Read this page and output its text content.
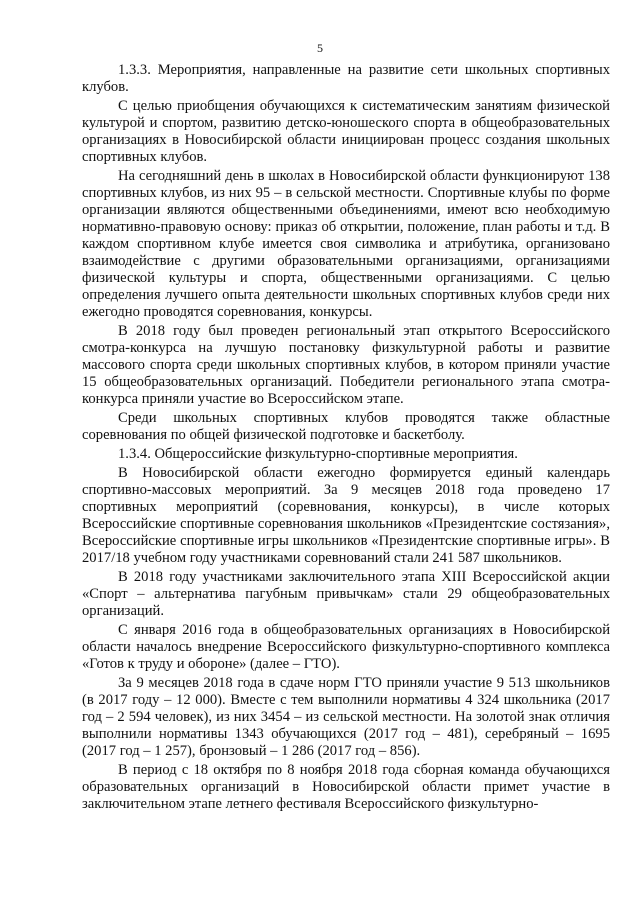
5

1.3.3. Мероприятия, направленные на развитие сети школьных спортивных клубов.

С целью приобщения обучающихся к систематическим занятиям физической культурой и спортом, развитию детско-юношеского спорта в общеобразовательных организациях в Новосибирской области инициирован процесс создания школьных спортивных клубов.

На сегодняшний день в школах в Новосибирской области функционируют 138 спортивных клубов, из них 95 – в сельской местности. Спортивные клубы по форме организации являются общественными объединениями, имеют всю необходимую нормативно-правовую основу: приказ об открытии, положение, план работы и т.д. В каждом спортивном клубе имеется своя символика и атрибутика, организовано взаимодействие с другими образовательными организациями, организациями физической культуры и спорта, общественными организациями. С целью определения лучшего опыта деятельности школьных спортивных клубов среди них ежегодно проводятся соревнования, конкурсы.

В 2018 году был проведен региональный этап открытого Всероссийского смотра-конкурса на лучшую постановку физкультурной работы и развитие массового спорта среди школьных спортивных клубов, в котором приняли участие 15 общеобразовательных организаций. Победители регионального этапа смотра-конкурса приняли участие во Всероссийском этапе.

Среди школьных спортивных клубов проводятся также областные соревнования по общей физической подготовке и баскетболу.

1.3.4. Общероссийские физкультурно-спортивные мероприятия.

В Новосибирской области ежегодно формируется единый календарь спортивно-массовых мероприятий. За 9 месяцев 2018 года проведено 17 спортивных мероприятий (соревнования, конкурсы), в числе которых Всероссийские спортивные соревнования школьников «Президентские состязания», Всероссийские спортивные игры школьников «Президентские спортивные игры». В 2017/18 учебном году участниками соревнований стали 241 587 школьников.

В 2018 году участниками заключительного этапа XIII Всероссийской акции «Спорт – альтернатива пагубным привычкам» стали 29 общеобразовательных организаций.

С января 2016 года в общеобразовательных организациях в Новосибирской области началось внедрение Всероссийского физкультурно-спортивного комплекса «Готов к труду и обороне» (далее – ГТО).

За 9 месяцев 2018 года в сдаче норм ГТО приняли участие 9 513 школьников (в 2017 году – 12 000). Вместе с тем выполнили нормативы 4 324 школьника (2017 год – 2 594 человек), из них 3454 – из сельской местности. На золотой знак отличия выполнили нормативы 1343 обучающихся (2017 год – 481), серебряный – 1695 (2017 год – 1 257), бронзовый – 1 286 (2017 год – 856).

В период с 18 октября по 8 ноября 2018 года сборная команда обучающихся образовательных организаций в Новосибирской области примет участие в заключительном этапе летнего фестиваля Всероссийского физкультурно-
